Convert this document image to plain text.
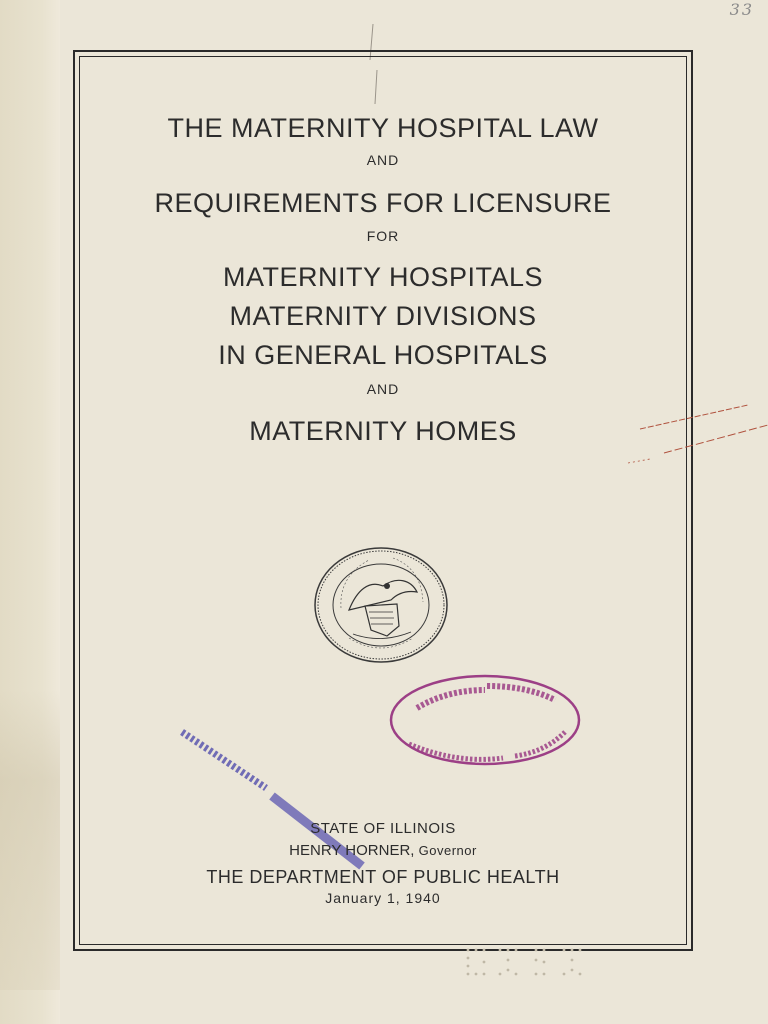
33
THE MATERNITY HOSPITAL LAW
AND
REQUIREMENTS FOR LICENSURE
FOR
MATERNITY HOSPITALS
MATERNITY DIVISIONS
IN GENERAL HOSPITALS
AND
MATERNITY HOMES
STATE OF ILLINOIS
HENRY HORNER, Governor
THE DEPARTMENT OF PUBLIC HEALTH
January 1, 1940
